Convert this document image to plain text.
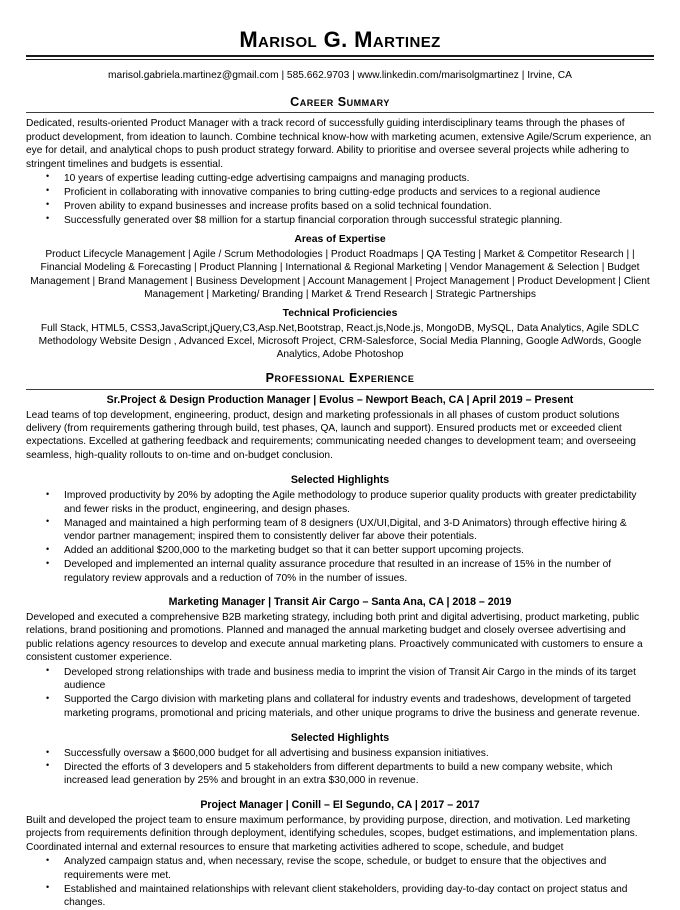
Marisol G. Martinez
marisol.gabriela.martinez@gmail.com | 585.662.9703 | www.linkedin.com/marisolgmartinez | Irvine, CA
Career Summary
Dedicated, results-oriented Product Manager with a track record of successfully guiding interdisciplinary teams through the phases of product development, from ideation to launch. Combine technical know-how with marketing acumen, extensive Agile/Scrum experience, an eye for detail, and analytical chops to push product strategy forward. Ability to prioritise and oversee several projects while adhering to stringent timelines and budgets is essential.
• 10 years of expertise leading cutting-edge advertising campaigns and managing products.
• Proficient in collaborating with innovative companies to bring cutting-edge products and services to a regional audience
• Proven ability to expand businesses and increase profits based on a solid technical foundation.
• Successfully generated over $8 million for a startup financial corporation through successful strategic planning.
Areas of Expertise
Product Lifecycle Management | Agile / Scrum Methodologies | Product Roadmaps | QA Testing | Market & Competitor Research | | Financial Modeling & Forecasting | Product Planning | International & Regional Marketing | Vendor Management & Selection | Budget Management | Brand Management | Business Development | Account Management | Project Management | Product Development | Client Management | Marketing/ Branding | Market & Trend Research | Strategic Partnerships
Technical Proficiencies
Full Stack, HTML5, CSS3,JavaScript,jQuery,C3,Asp.Net,Bootstrap, React.js,Node.js, MongoDB, MySQL, Data Analytics, Agile SDLC Methodology Website Design , Advanced Excel, Microsoft Project, CRM-Salesforce, Social Media Planning, Google AdWords, Google Analytics, Adobe Photoshop
Professional Experience
Sr.Project & Design Production Manager | Evolus – Newport Beach, CA | April 2019 – Present
Lead teams of top development, engineering, product, design and marketing professionals in all phases of custom product solutions delivery (from requirements gathering through build, test phases, QA, launch and support). Ensured products met or exceeded client expectations. Excelled at gathering feedback and requirements; communicating needed changes to development team; and overseeing seamless, high-quality rollouts to on-time and on-budget conclusion.
Selected Highlights
• Improved productivity by 20% by adopting the Agile methodology to produce superior quality products with greater predictability and fewer risks in the product, engineering, and design phases.
• Managed and maintained a high performing team of 8 designers (UX/UI,Digital, and 3-D Animators) through effective hiring & vendor partner management; inspired them to consistently deliver far above their potentials.
• Added an additional $200,000 to the marketing budget so that it can better support upcoming projects.
• Developed and implemented an internal quality assurance procedure that resulted in an increase of 15% in the number of regulatory review approvals and a reduction of 70% in the number of issues.
Marketing Manager | Transit Air Cargo – Santa Ana, CA | 2018 – 2019
Developed and executed a comprehensive B2B marketing strategy, including both print and digital advertising, product marketing, public relations, brand positioning and promotions. Planned and managed the annual marketing budget and closely oversee advertising and public relations agency resources to develop and execute annual marketing plans. Proactively communicated with customers to ensure a consistent customer experience.
• Developed strong relationships with trade and business media to imprint the vision of Transit Air Cargo in the minds of its target audience
• Supported the Cargo division with marketing plans and collateral for industry events and tradeshows, development of targeted marketing programs, promotional and pricing materials, and other unique programs to drive the business and generate revenue.
Selected Highlights
• Successfully oversaw a $600,000 budget for all advertising and business expansion initiatives.
• Directed the efforts of 3 developers and 5 stakeholders from different departments to build a new company website, which increased lead generation by 25% and brought in an extra $30,000 in revenue.
Project Manager | Conill – El Segundo, CA | 2017 – 2017
Built and developed the project team to ensure maximum performance, by providing purpose, direction, and motivation. Led marketing projects from requirements definition through deployment, identifying schedules, scopes, budget estimations, and implementation plans. Coordinated internal and external resources to ensure that marketing activities adhered to scope, schedule, and budget
• Analyzed campaign status and, when necessary, revise the scope, schedule, or budget to ensure that the objectives and requirements were met.
• Established and maintained relationships with relevant client stakeholders, providing day-to-day contact on project status and changes.
